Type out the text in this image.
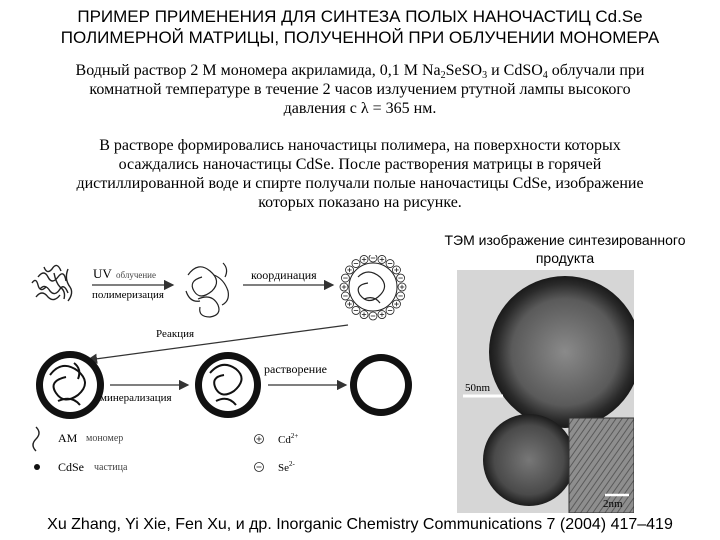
ПРИМЕР ПРИМЕНЕНИЯ ДЛЯ СИНТЕЗА ПОЛЫХ НАНОЧАСТИЦ Cd.Se
ПОЛИМЕРНОЙ МАТРИЦЫ, ПОЛУЧЕННОЙ ПРИ ОБЛУЧЕНИИ МОНОМЕРА
Водный раствор 2 М мономера акриламида, 0,1 М $Na_2SeSO_3$ и CdSO$_4$ облучали при
комнатной температуре в течение 2 часов излучением ртутной лампы высокого
давления с λ = 365 нм.
В растворе формировались наночастицы полимера, на поверхности которых
осаждались наночастицы CdSe. После растворения матрицы в горячей
дистиллированной воде и спирте получали полые наночастицы CdSe, изображение
которых показано на рисунке.
ТЭМ изображение синтезированного
продукта
UV облучение
полимеризация
координация
Реакция
минерализация
растворение
AM мономер
CdSe частица
$Cd^{2+}$
$Se^{2-}$
50nm
2nm
Xu Zhang, Yi Xie, Fen Xu, и др. Inorganic Chemistry Communications 7 (2004) 417–419
